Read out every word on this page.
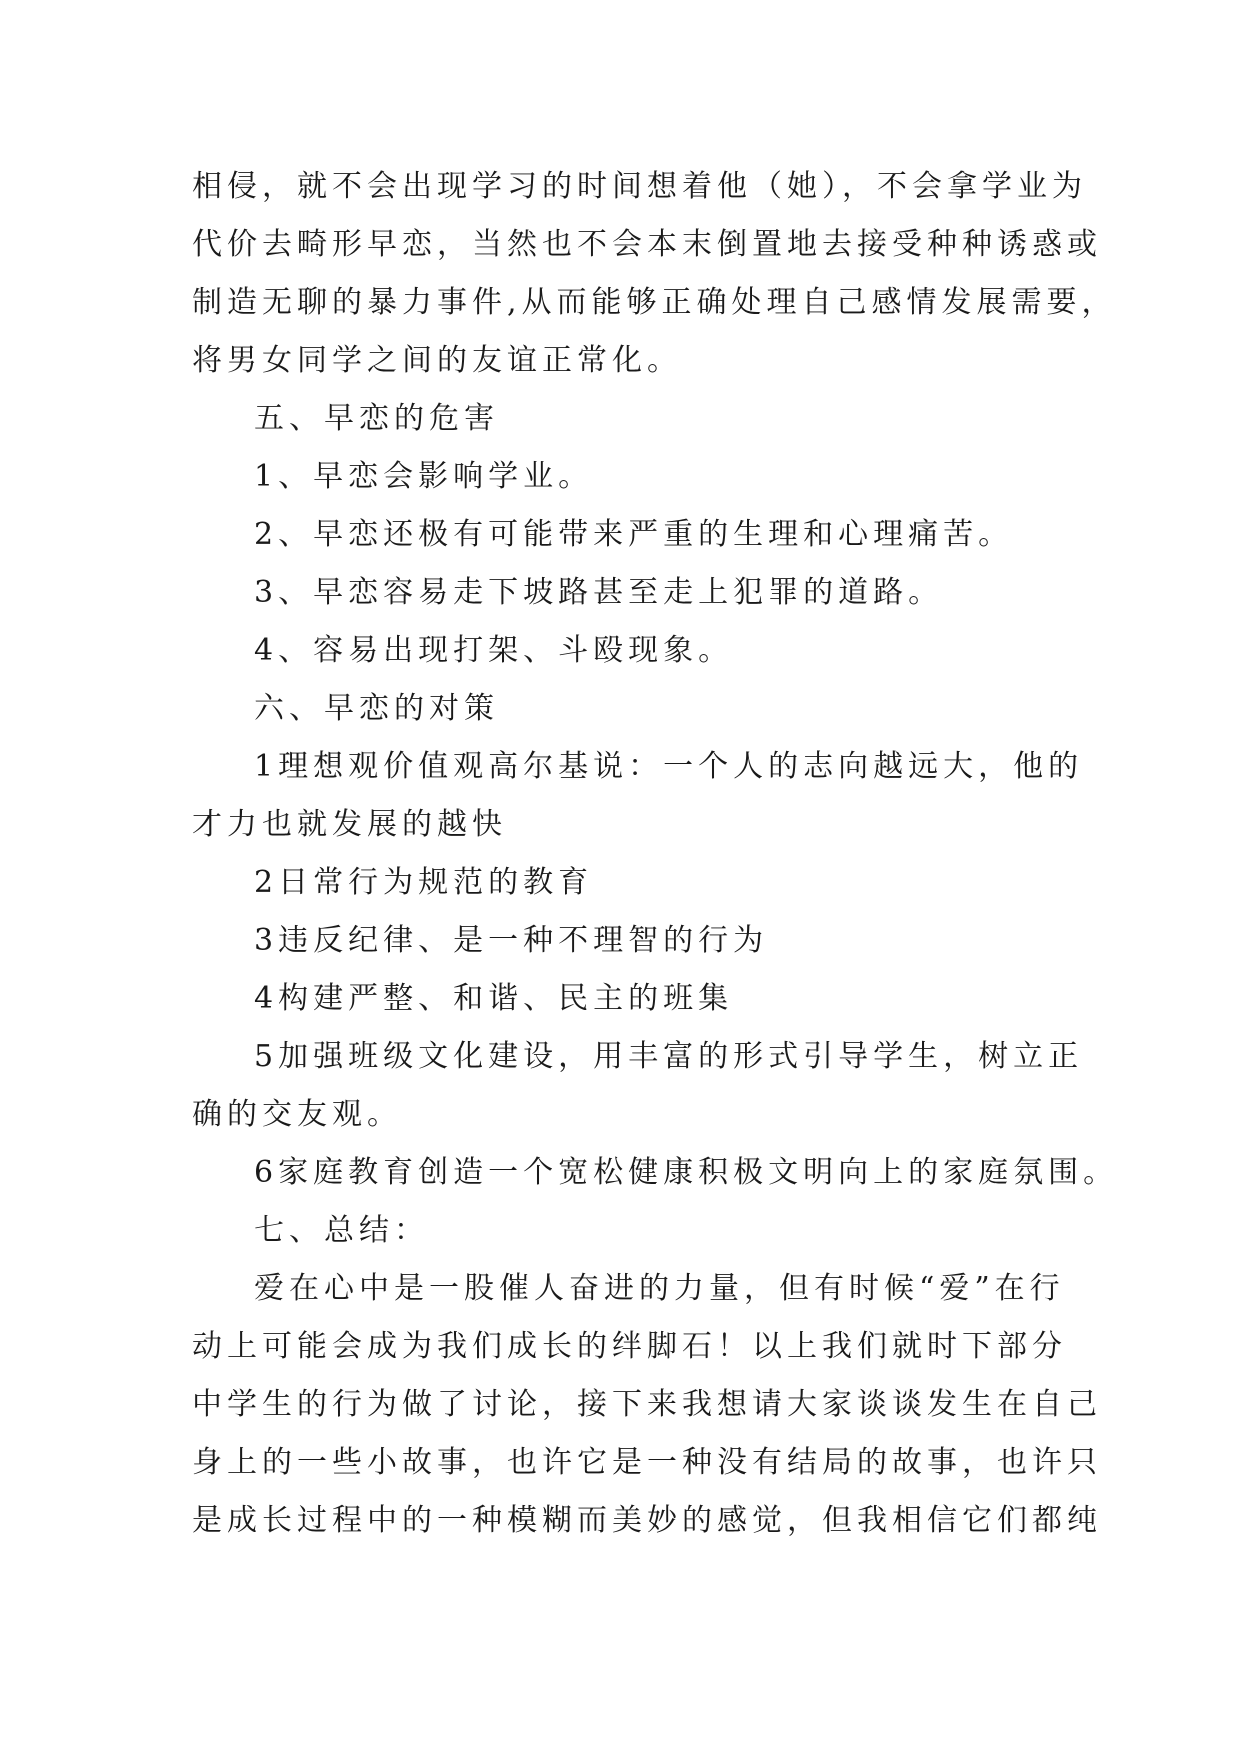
相侵，就不会出现学习的时间想着他（她），不会拿学业为
代价去畸形早恋，当然也不会本末倒置地去接受种种诱惑或
制造无聊的暴力事件,从而能够正确处理自己感情发展需要，
将男女同学之间的友谊正常化。
五、早恋的危害
1、早恋会影响学业。
2、早恋还极有可能带来严重的生理和心理痛苦。
3、早恋容易走下坡路甚至走上犯罪的道路。
4、容易出现打架、斗殴现象。
六、早恋的对策
1理想观价值观高尔基说：一个人的志向越远大，他的
才力也就发展的越快
2日常行为规范的教育
3违反纪律、是一种不理智的行为
4构建严整、和谐、民主的班集
5加强班级文化建设，用丰富的形式引导学生，树立正
确的交友观。
6家庭教育创造一个宽松健康积极文明向上的家庭氛围。
七、总结：
爱在心中是一股催人奋进的力量，但有时候“爱”在行
动上可能会成为我们成长的绊脚石！以上我们就时下部分
中学生的行为做了讨论，接下来我想请大家谈谈发生在自己
身上的一些小故事，也许它是一种没有结局的故事，也许只
是成长过程中的一种模糊而美妙的感觉，但我相信它们都纯
